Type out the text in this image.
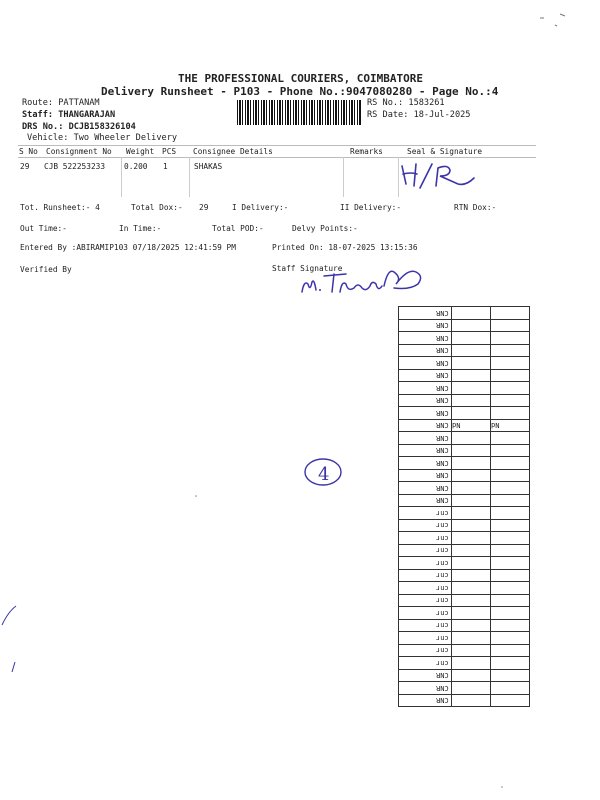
THE PROFESSIONAL COURIERS, COIMBATORE
Delivery Runsheet - P103 - Phone No.:9047080280 - Page No.:4
Route: PATTANAM
Staff: THANGARAJAN
DRS No.: DCJB158326104
Vehicle: Two Wheeler Delivery
RS No.: 1583261
RS Date: 18-Jul-2025
S No Consignment No Weight PCS Consignee Details	Remarks	Seal & Signature
29 CJB 522253233 0.200 1	SHAKAS
Tot. Runsheet:- 4	Total Dox:- 29	I Delivery:-	II Delivery:-	RTN Dox:-
Out Time:-	In Time:-	Total POD:-	Delvy Points:-
Entered By :ABIRAMIP103 07/18/2025 12:41:59 PM	Printed On: 18-07-2025 13:15:36
Verified By	Staff Signature
4
CNR		
CNR		
CNR		
CNR		
CNR		
CNR		
CNR		
CNR		
CNR		
CNR	Nd	Nd
CNR		
CNR		
CNR		
CNR		
CNR		
CNR		
cnr		
cnr		
cnr		
cnr		
cnr		
cnr		
cnr		
cnr		
cnr		
cnr		
cnr		
cnr		
cnr		
CNR		
CNR		
CNR		
